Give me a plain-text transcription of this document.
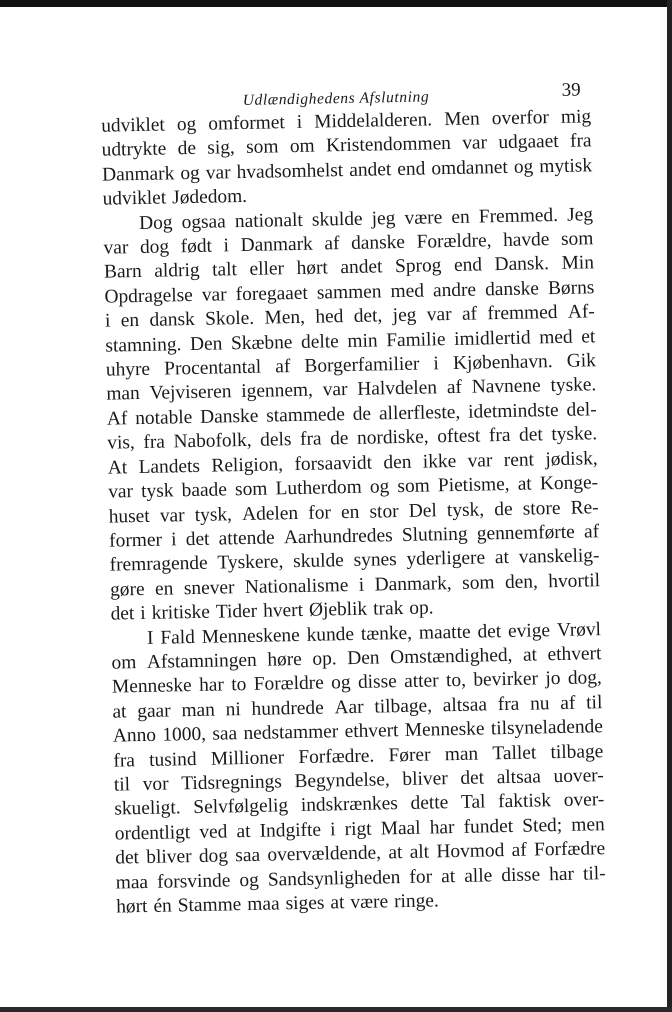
Udlændighedens Afslutning	39
udviklet og omformet i Middelalderen. Men overfor mig
udtrykte de sig, som om Kristendommen var udgaaet fra
Danmark og var hvadsomhelst andet end omdannet og mytisk
udviklet Jødedom.
Dog ogsaa nationalt skulde jeg være en Fremmed. Jeg
var dog født i Danmark af danske Forældre, havde som
Barn aldrig talt eller hørt andet Sprog end Dansk. Min
Opdragelse var foregaaet sammen med andre danske Børns
i en dansk Skole. Men, hed det, jeg var af fremmed Af-
stamning. Den Skæbne delte min Familie imidlertid med et
uhyre Procentantal af Borgerfamilier i Kjøbenhavn. Gik
man Vejviseren igennem, var Halvdelen af Navnene tyske.
Af notable Danske stammede de allerfleste, idetmindste del-
vis, fra Nabofolk, dels fra de nordiske, oftest fra det tyske.
At Landets Religion, forsaavidt den ikke var rent jødisk,
var tysk baade som Lutherdom og som Pietisme, at Konge-
huset var tysk, Adelen for en stor Del tysk, de store Re-
former i det attende Aarhundredes Slutning gennemførte af
fremragende Tyskere, skulde synes yderligere at vanskelig-
gøre en snever Nationalisme i Danmark, som den, hvortil
det i kritiske Tider hvert Øjeblik trak op.
I Fald Menneskene kunde tænke, maatte det evige Vrøvl
om Afstamningen høre op. Den Omstændighed, at ethvert
Menneske har to Forældre og disse atter to, bevirker jo dog,
at gaar man ni hundrede Aar tilbage, altsaa fra nu af til
Anno 1000, saa nedstammer ethvert Menneske tilsyneladende
fra tusind Millioner Forfædre. Fører man Tallet tilbage
til vor Tidsregnings Begyndelse, bliver det altsaa uover-
skueligt. Selvfølgelig indskrænkes dette Tal faktisk over-
ordentligt ved at Indgifte i rigt Maal har fundet Sted; men
det bliver dog saa overvældende, at alt Hovmod af Forfædre
maa forsvinde og Sandsynligheden for at alle disse har til-
hørt én Stamme maa siges at være ringe.
